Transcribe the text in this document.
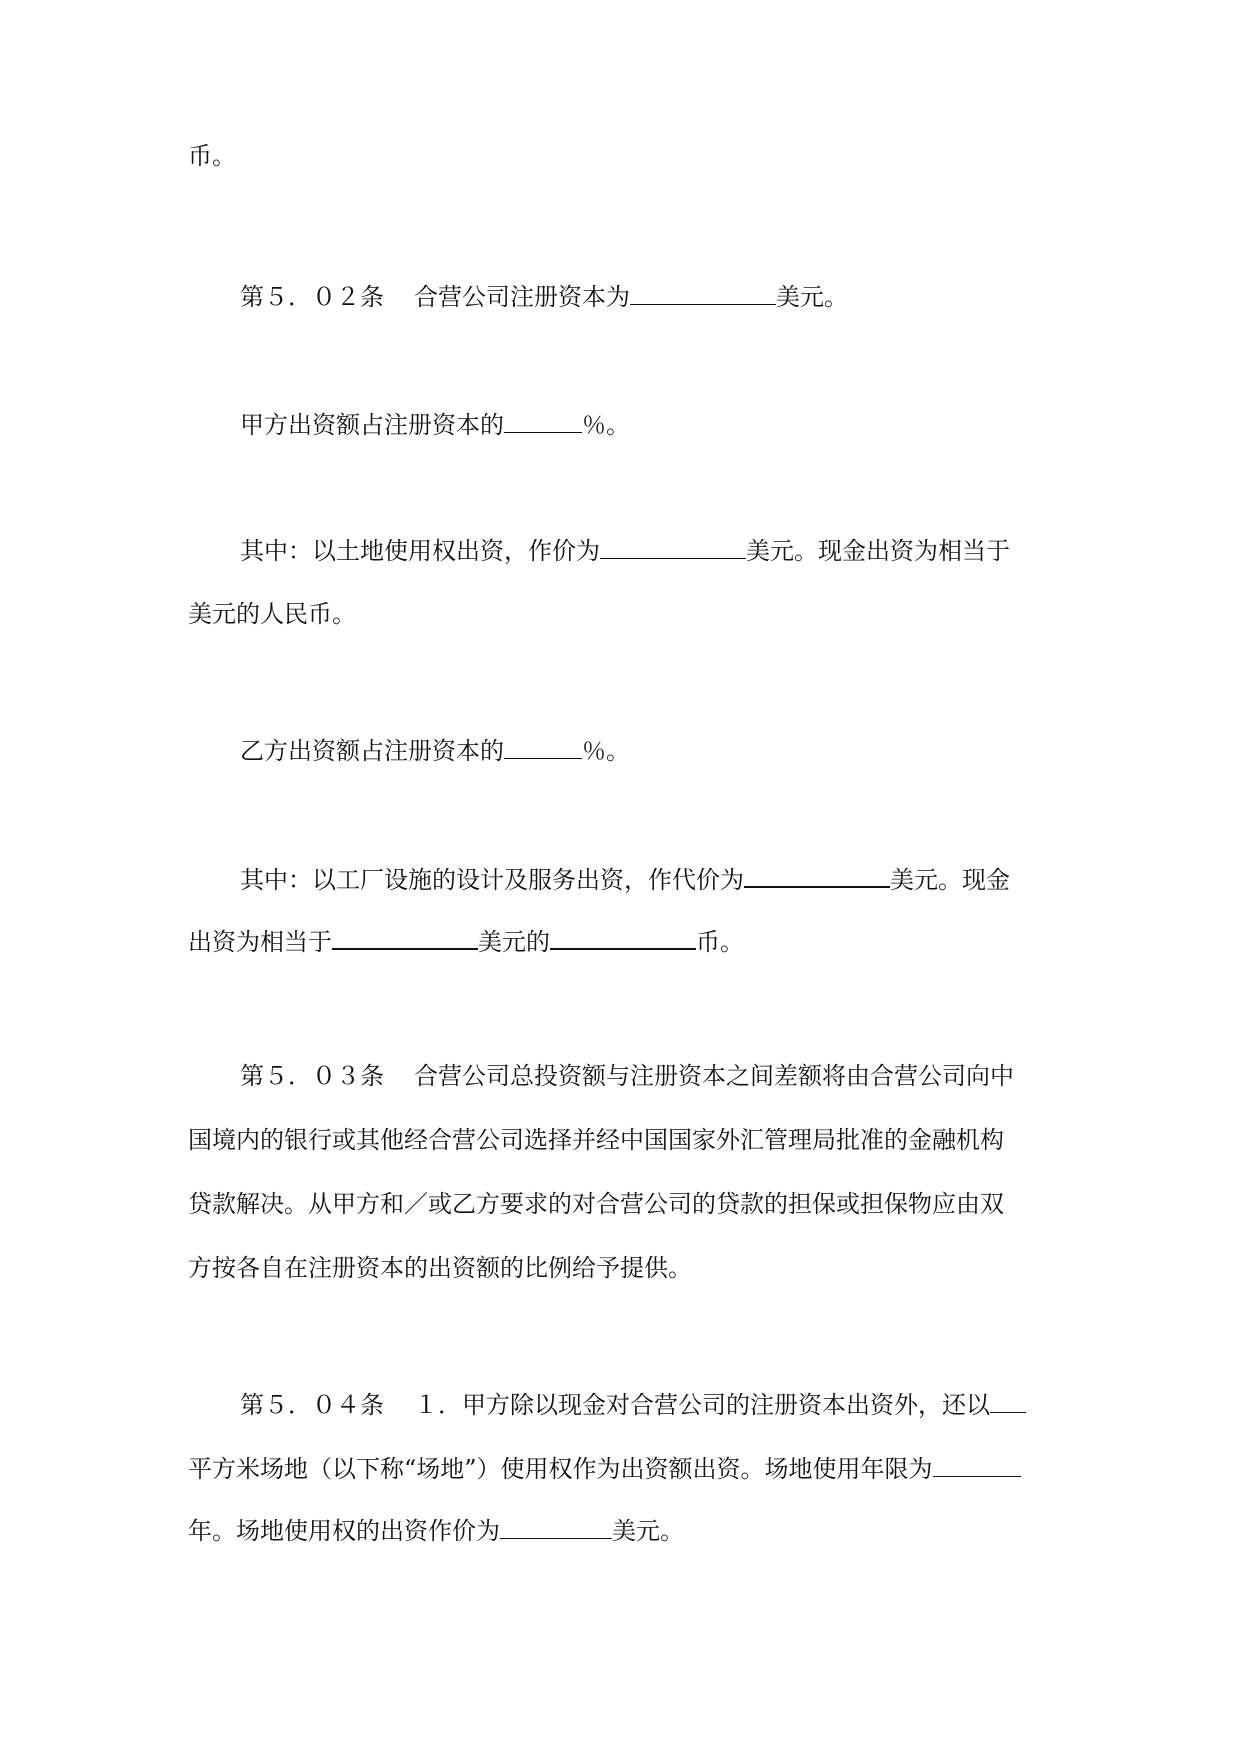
币。
第５．０２条 合营公司注册资本为	美元。
甲方出资额占注册资本的	％。
其中：以土地使用权出资，作价为	美元。现金出资为相当于
美元的人民币。
乙方出资额占注册资本的	％。
其中：以工厂设施的设计及服务出资，作代价为	美元。现金
出资为相当于	美元的	币。
第５．０３条 合营公司总投资额与注册资本之间差额将由合营公司向中
国境内的银行或其他经合营公司选择并经中国国家外汇管理局批准的金融机构
贷款解决。从甲方和／或乙方要求的对合营公司的贷款的担保或担保物应由双
方按各自在注册资本的出资额的比例给予提供。
第５．０４条 １．甲方除以现金对合营公司的注册资本出资外，还以
平方米场地（以下称“场地”）使用权作为出资额出资。场地使用年限为
年。场地使用权的出资作价为	美元。
